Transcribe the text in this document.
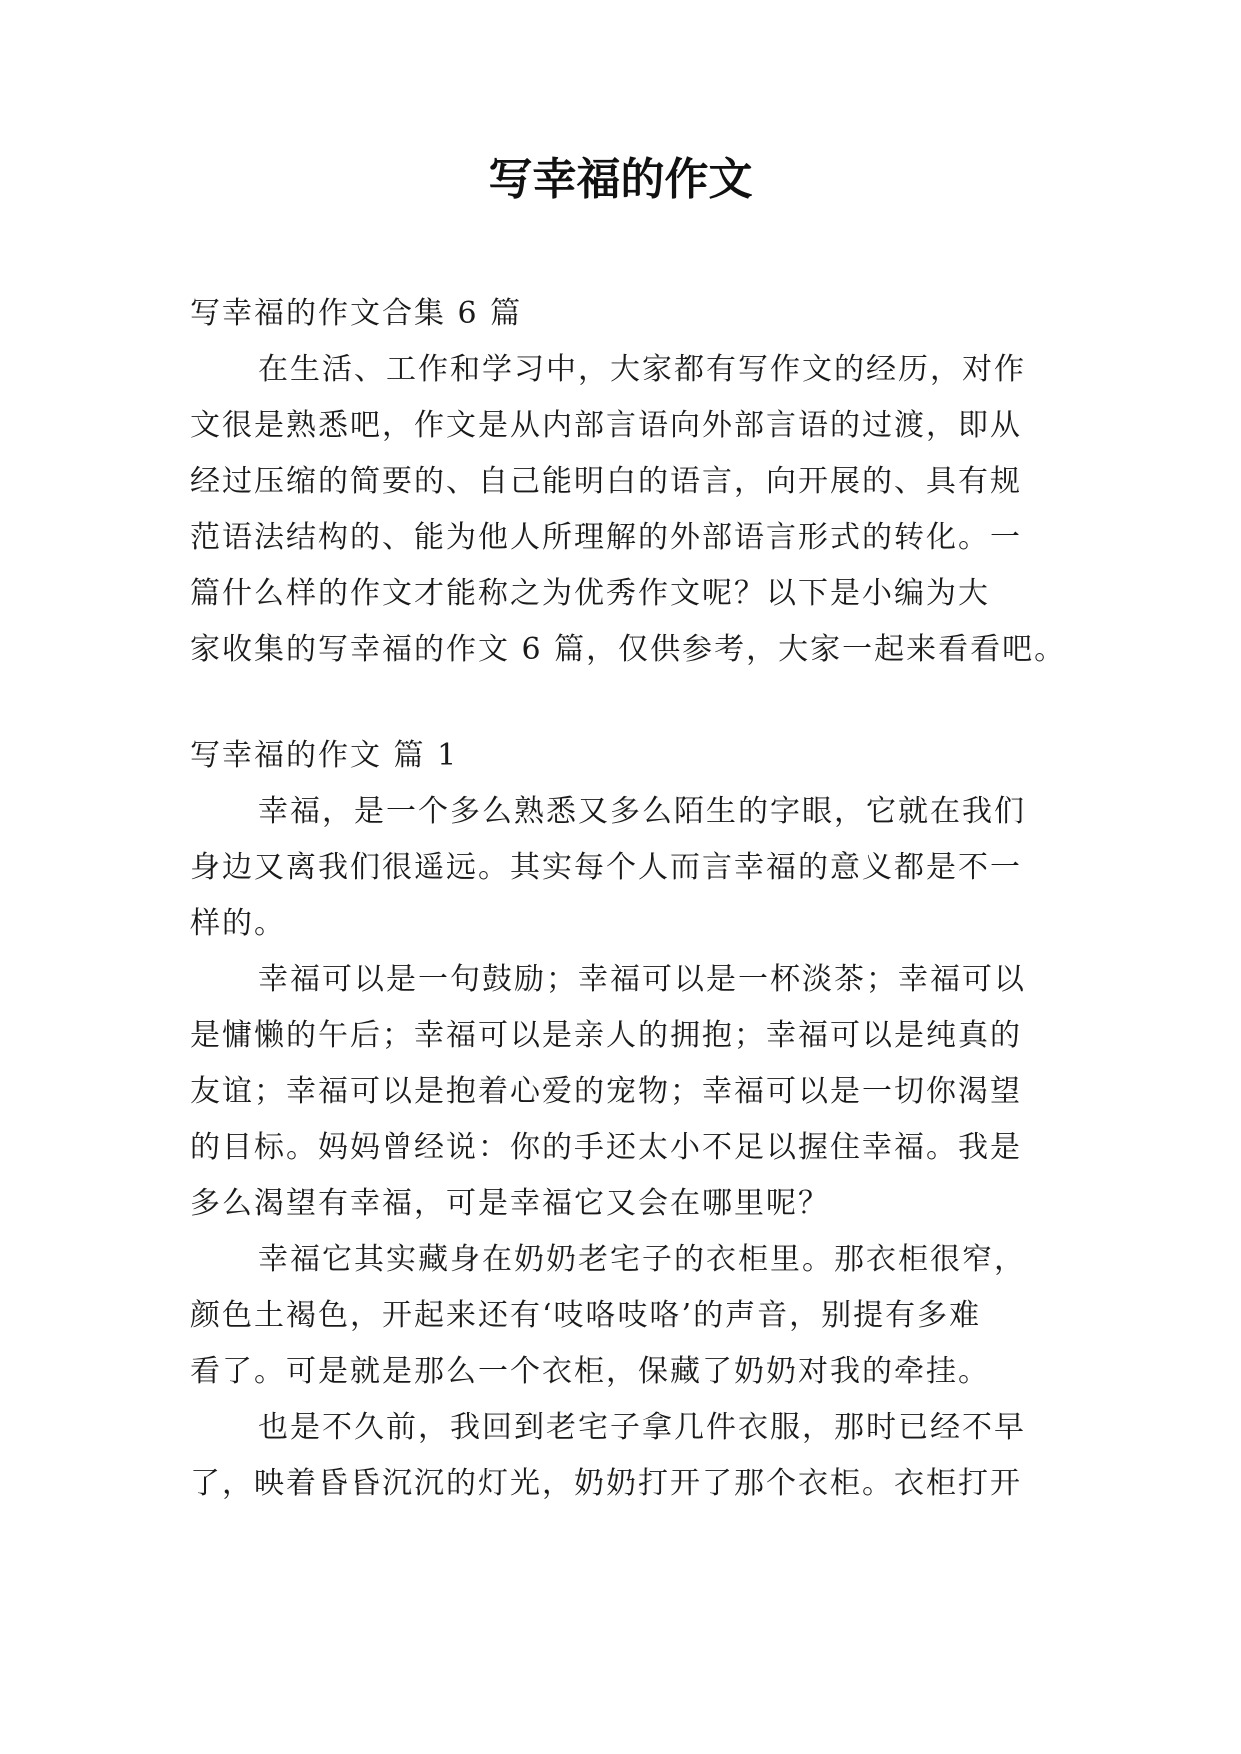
写幸福的作文

写幸福的作文合集 6 篇

在生活、工作和学习中，大家都有写作文的经历，对作

文很是熟悉吧，作文是从内部言语向外部言语的过渡，即从

经过压缩的简要的、自己能明白的语言，向开展的、具有规

范语法结构的、能为他人所理解的外部语言形式的转化。一

篇什么样的作文才能称之为优秀作文呢？以下是小编为大

家收集的写幸福的作文 6 篇，仅供参考，大家一起来看看吧。

写幸福的作文 篇 1

幸福，是一个多么熟悉又多么陌生的字眼，它就在我们

身边又离我们很遥远。其实每个人而言幸福的意义都是不一

样的。

幸福可以是一句鼓励；幸福可以是一杯淡茶；幸福可以

是慵懒的午后；幸福可以是亲人的拥抱；幸福可以是纯真的

友谊；幸福可以是抱着心爱的宠物；幸福可以是一切你渴望

的目标。妈妈曾经说：你的手还太小不足以握住幸福。我是

多么渴望有幸福，可是幸福它又会在哪里呢？

幸福它其实藏身在奶奶老宅子的衣柜里。那衣柜很窄，

颜色土褐色，开起来还有‘吱咯吱咯’的声音，别提有多难

看了。可是就是那么一个衣柜，保藏了奶奶对我的牵挂。

也是不久前，我回到老宅子拿几件衣服，那时已经不早

了，映着昏昏沉沉的灯光，奶奶打开了那个衣柜。衣柜打开
